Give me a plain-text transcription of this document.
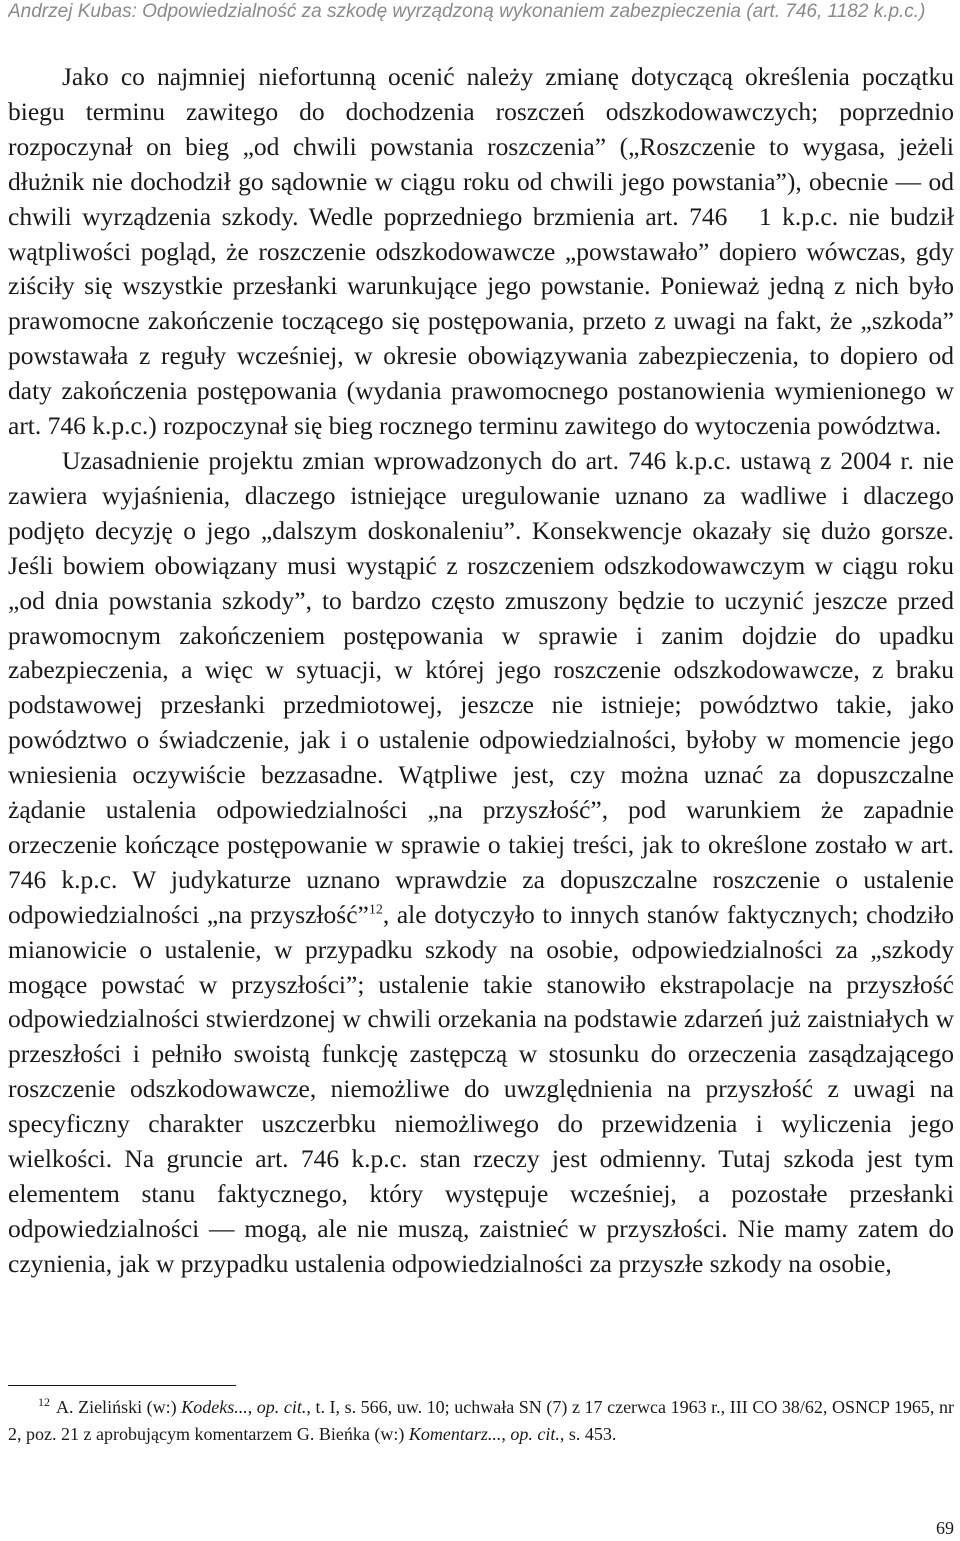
Andrzej Kubas: Odpowiedzialność za szkodę wyrządzoną wykonaniem zabezpieczenia (art. 746, 1182 k.p.c.)

Jako co najmniej niefortunną ocenić należy zmianę dotyczącą określenia początku biegu terminu zawitego do dochodzenia roszczeń odszkodowawczych; poprzednio rozpoczynał on bieg „od chwili powstania roszczenia” („Roszczenie to wygasa, jeżeli dłużnik nie dochodził go sądownie w ciągu roku od chwili jego powstania”), obecnie — od chwili wyrządzenia szkody. Wedle poprzedniego brzmienia art. 746 1 k.p.c. nie budził wątpliwości pogląd, że roszczenie odszkodowawcze „powstawało” dopiero wówczas, gdy ziściły się wszystkie przesłanki warunkujące jego powstanie. Ponieważ jedną z nich było prawomocne zakończenie toczącego się postępowania, przeto z uwagi na fakt, że „szkoda” powstawała z reguły wcześniej, w okresie obowiązywania zabezpieczenia, to dopiero od daty zakończenia postępowania (wydania prawomocnego postanowienia wymienionego w art. 746 k.p.c.) rozpoczynał się bieg rocznego terminu zawitego do wytoczenia powództwa.

Uzasadnienie projektu zmian wprowadzonych do art. 746 k.p.c. ustawą z 2004 r. nie zawiera wyjaśnienia, dlaczego istniejące uregulowanie uznano za wadliwe i dlaczego podjęto decyzję o jego „dalszym doskonaleniu”. Konsekwencje okazały się dużo gorsze. Jeśli bowiem obowiązany musi wystąpić z roszczeniem odszkodowawczym w ciągu roku „od dnia powstania szkody”, to bardzo często zmuszony będzie to uczynić jeszcze przed prawomocnym zakończeniem postępowania w sprawie i zanim dojdzie do upadku zabezpieczenia, a więc w sytuacji, w której jego roszczenie odszkodowawcze, z braku podstawowej przesłanki przedmiotowej, jeszcze nie istnieje; powództwo takie, jako powództwo o świadczenie, jak i o ustalenie odpowiedzialności, byłoby w momencie jego wniesienia oczywiście bezzasadne. Wątpliwe jest, czy można uznać za dopuszczalne żądanie ustalenia odpowiedzialności „na przyszłość”, pod warunkiem że zapadnie orzeczenie kończące postępowanie w sprawie o takiej treści, jak to określone zostało w art. 746 k.p.c. W judykaturze uznano wprawdzie za dopuszczalne roszczenie o ustalenie odpowiedzialności „na przyszłość”$^{12}$, ale dotyczyło to innych stanów faktycznych; chodziło mianowicie o ustalenie, w przypadku szkody na osobie, odpowiedzialności za „szkody mogące powstać w przyszłości”; ustalenie takie stanowiło ekstrapolacje na przyszłość odpowiedzialności stwierdzonej w chwili orzekania na podstawie zdarzeń już zaistniałych w przeszłości i pełniło swoistą funkcję zastępczą w stosunku do orzeczenia zasądzającego roszczenie odszkodowawcze, niemożliwe do uwzględnienia na przyszłość z uwagi na specyficzny charakter uszczerbku niemożliwego do przewidzenia i wyliczenia jego wielkości. Na gruncie art. 746 k.p.c. stan rzeczy jest odmienny. Tutaj szkoda jest tym elementem stanu faktycznego, który występuje wcześniej, a pozostałe przesłanki odpowiedzialności — mogą, ale nie muszą, zaistnieć w przyszłości. Nie mamy zatem do czynienia, jak w przypadku ustalenia odpowiedzialności za przyszłe szkody na osobie,

$^{12}$ A. Zieliński (w:) Kodeks..., op. cit., t. I, s. 566, uw. 10; uchwała SN (7) z 17 czerwca 1963 r., III CO 38/62, OSNCP 1965, nr 2, poz. 21 z aprobującym komentarzem G. Bieńka (w:) Komentarz..., op. cit., s. 453.
69
